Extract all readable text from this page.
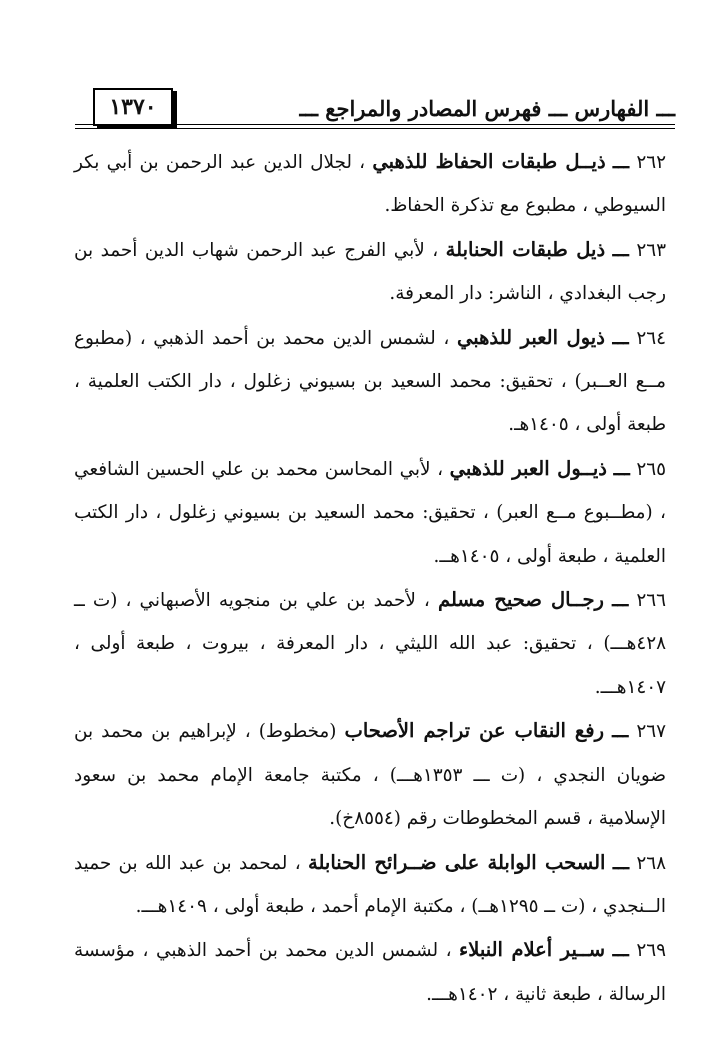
١٣٧٠	ـــ الفهارس ـــ فهرس المصادر والمراجع ـــ

٢٦٢ ـــ ذيــل طبقات الحفاظ للذهبي ، لجلال الدين عبد الرحمن بن أبي بكر السيوطي ، مطبوع مع تذكرة الحفاظ.

٢٦٣ ـــ ذيل طبقات الحنابلة ، لأبي الفرج عبد الرحمن شهاب الدين أحمد بن رجب البغدادي ، الناشر: دار المعرفة.

٢٦٤ ـــ ذيول العبر للذهبي ، لشمس الدين محمد بن أحمد الذهبي ، (مطبوع مــع العــبر) ، تحقيق: محمد السعيد بن بسيوني زغلول ، دار الكتب العلمية ، طبعة أولى ، ١٤٠٥هـ.

٢٦٥ ـــ ذيــول العبر للذهبي ، لأبي المحاسن محمد بن علي الحسين الشافعي ، (مطــبوع مــع العبر) ، تحقيق: محمد السعيد بن بسيوني زغلول ، دار الكتب العلمية ، طبعة أولى ، ١٤٠٥هــ.

٢٦٦ ـــ رجــال صحيح مسلم ، لأحمد بن علي بن منجويه الأصبهاني ، (ت ــ ٤٢٨هـــ) ، تحقيق: عبد الله الليثي ، دار المعرفة ، بيروت ، طبعة أولى ، ١٤٠٧هـــ.

٢٦٧ ـــ رفع النقاب عن تراجم الأصحاب (مخطوط) ، لإبراهيم بن محمد بن ضويان النجدي ، (ت ـــ ١٣٥٣هـــ) ، مكتبة جامعة الإمام محمد بن سعود الإسلامية ، قسم المخطوطات رقم (٨٥٥٤خ).

٢٦٨ ـــ السحب الوابلة على ضــرائح الحنابلة ، لمحمد بن عبد الله بن حميد الــنجدي ، (ت ــ ١٢٩٥هــ) ، مكتبة الإمام أحمد ، طبعة أولى ، ١٤٠٩هـــ.

٢٦٩ ـــ ســير أعلام النبلاء ، لشمس الدين محمد بن أحمد الذهبي ، مؤسسة الرسالة ، طبعة ثانية ، ١٤٠٢هـــ.
